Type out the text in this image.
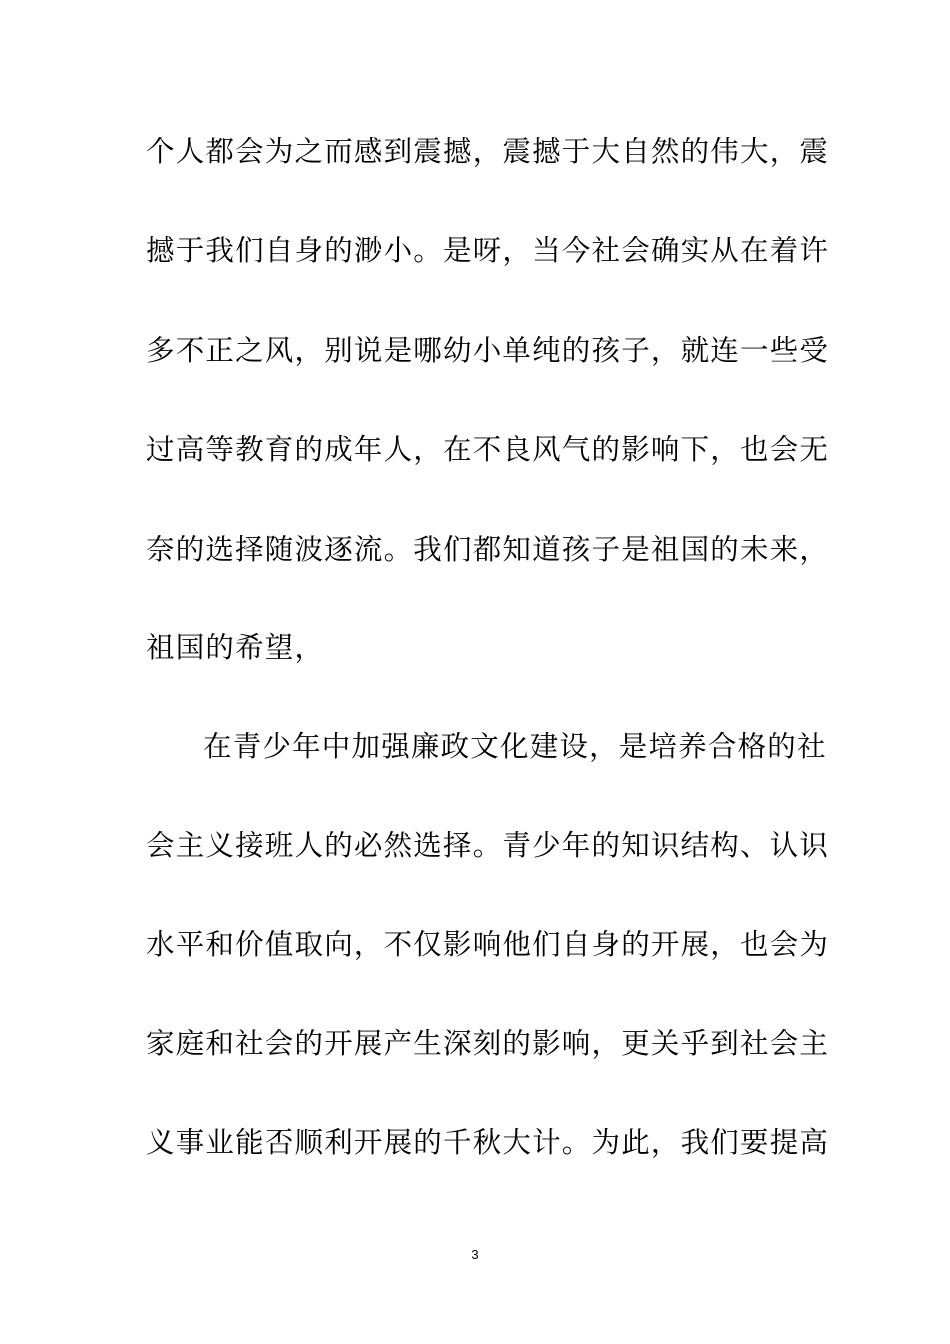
个人都会为之而感到震撼，震撼于大自然的伟大，震
撼于我们自身的渺小。是呀，当今社会确实从在着许
多不正之风，别说是哪幼小单纯的孩子，就连一些受
过高等教育的成年人，在不良风气的影响下，也会无
奈的选择随波逐流。我们都知道孩子是祖国的未来，
祖国的希望，
在青少年中加强廉政文化建设，是培养合格的社
会主义接班人的必然选择。青少年的知识结构、认识
水平和价值取向，不仅影响他们自身的开展，也会为
家庭和社会的开展产生深刻的影响，更关乎到社会主
义事业能否顺利开展的千秋大计。为此，我们要提高
3
